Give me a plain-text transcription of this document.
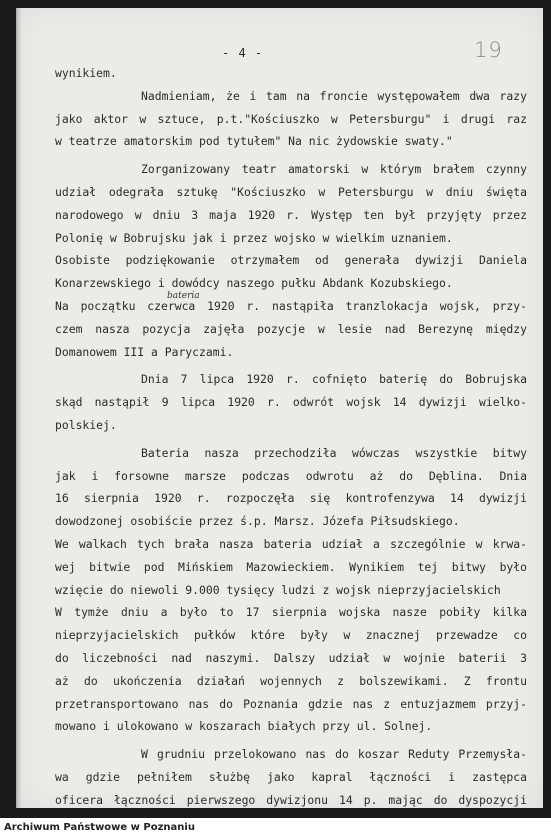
- 4 -	19
bateria
wynikiem.
Nadmieniam, że i tam na froncie występowałem dwa razy
jako aktor w sztuce, p.t."Kościuszko w Petersburgu" i drugi raz
w teatrze amatorskim pod tytułem" Na nic żydowskie swaty."
Zorganizowany teatr amatorski w którym brałem czynny
udział odegrała sztukę "Kościuszko w Petersburgu w dniu święta
narodowego w dniu 3 maja 1920 r. Występ ten był przyjęty przez
Polonię w Bobrujsku jak i przez wojsko w wielkim uznaniem.
Osobiste podziękowanie otrzymałem od generała dywizji Daniela
Konarzewskiego i dowódcy naszego pułku Abdank Kozubskiego.
Na początku czerwca 1920 r. nastąpiła tranzlokacja wojsk, przy-
czem nasza pozycja zajęła pozycje w lesie nad Berezynę między
Domanowem III a Paryczami.
Dnia 7 lipca 1920 r. cofnięto baterię do Bobrujska
skąd nastąpił 9 lipca 1920 r. odwrót wojsk 14 dywizji wielko-
polskiej.
Bateria nasza przechodziła wówczas wszystkie bitwy
jak i forsowne marsze podczas odwrotu aż do Dęblina. Dnia
16 sierpnia 1920 r. rozpoczęła się kontrofenzywa 14 dywizji
dowodzonej osobiście przez ś.p. Marsz. Józefa Piłsudskiego.
We walkach tych brała nasza bateria udział a szczególnie w krwa-
wej bitwie pod Mińskiem Mazowieckiem. Wynikiem tej bitwy było
wzięcie do niewoli 9.000 tysięcy ludzi z wojsk nieprzyjacielskich
W tymże dniu a było to 17 sierpnia wojska nasze pobiły kilka
nieprzyjacielskich pułków które były w znacznej przewadze co
do liczebności nad naszymi. Dalszy udział w wojnie baterii 3
aż do ukończenia działań wojennych z bolszewikami. Z frontu
przetransportowano nas do Poznania gdzie nas z entuzjazmem przyj-
mowano i ulokowano w koszarach białych przy ul. Solnej.
W grudniu przelokowano nas do koszar Reduty Przemysła-
wa gdzie pełniłem służbę jako kapral łączności i zastępca
oficera łączności pierwszego dywizjonu 14 p. mając do dyspozycji
Archiwum Państwowe w Poznaniu
